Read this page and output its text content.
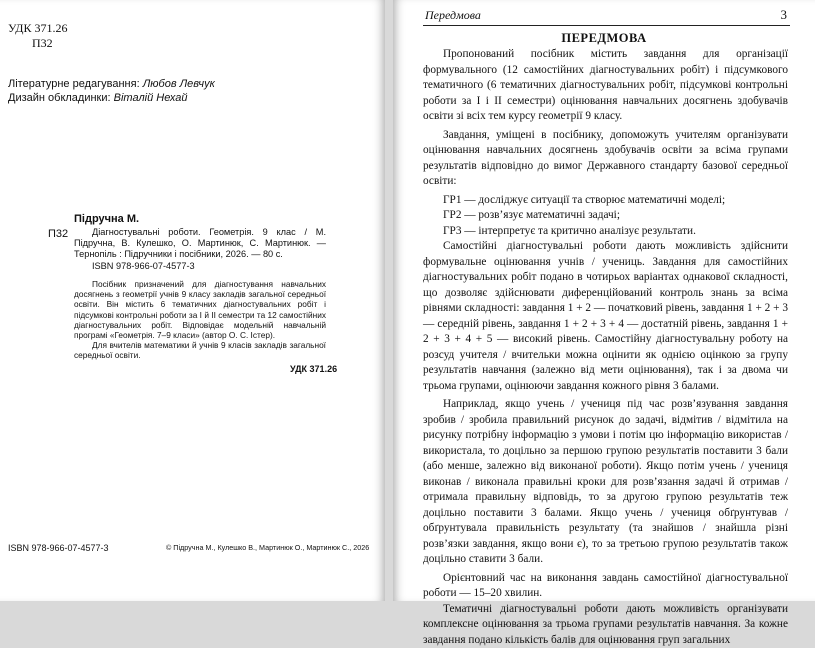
УДК 371.26
П32
Літературне редагування: Любов Левчук
Дизайн обкладинки: Віталій Нехай
Підручна М.
П32	Діагностувальні роботи. Геометрія. 9 клас / М. Підручна, В. Кулешко, О. Мартинюк, С. Мартинюк. — Тернопіль : Підручники і посібники, 2026. — 80 с.

ISBN 978-966-07-4577-3

Посібник призначений для діагностування навчальних досягнень з геометрії учнів 9 класу закладів загальної середньої освіти. Він містить 6 тематичних діагностувальних робіт і підсумкові контрольні роботи за І й ІІ семестри та 12 самостійних діагностувальних робіт. Відповідає модельній навчальній програмі «Геометрія. 7–9 класи» (автор О. С. Істер).

Для вчителів математики й учнів 9 класів закладів загальної середньої освіти.

УДК 371.26
ISBN 978-966-07-4577-3	© Підручна М., Кулешко В., Мартинюк О., Мартинюк С., 2026
Передмова	3
ПЕРЕДМОВА

Пропонований посібник містить завдання для організації формувального (12 самостійних діагностувальних робіт) і підсумкового тематичного (6 тематичних діагностувальних робіт, підсумкові контрольні роботи за І і ІІ семестри) оцінювання навчальних досягнень здобувачів освіти зі всіх тем курсу геометрії 9 класу.

Завдання, уміщені в посібнику, допоможуть учителям організувати оцінювання навчальних досягнень здобувачів освіти за всіма групами результатів відповідно до вимог Державного стандарту базової середньої освіти:

ГР1 — досліджує ситуації та створює математичні моделі;

ГР2 — розв’язує математичні задачі;

ГР3 — інтерпретує та критично аналізує результати.

Самостійні діагностувальні роботи дають можливість здійснити формувальне оцінювання учнів / учениць. Завдання для самостійних діагностувальних робіт подано в чотирьох варіантах однакової складності, що дозволяє здійснювати диференційований контроль знань за всіма рівнями складності: завдання 1 + 2 — початковий рівень, завдання 1 + 2 + 3 — середній рівень, завдання 1 + 2 + 3 + 4 — достатній рівень, завдання 1 + 2 + 3 + 4 + 5 — високий рівень. Самостійну діагностувальну роботу на розсуд учителя / вчительки можна оцінити як однією оцінкою за групу результатів навчання (залежно від мети оцінювання), так і за двома чи трьома групами, оцінюючи завдання кожного рівня 3 балами.

Наприклад, якщо учень / учениця під час розв’язування завдання зробив / зробила правильний рисунок до задачі, відмітив / відмітила на рисунку потрібну інформацію з умови і потім цю інформацію використав / використала, то доцільно за першою групою результатів поставити 3 бали (або менше, залежно від виконаної роботи). Якщо потім учень / учениця виконав / виконала правильні кроки для розв’язання задачі й отримав / отримала правильну відповідь, то за другою групою результатів теж доцільно поставити 3 балами. Якщо учень / учениця обґрунтував / обґрунтувала правильність результату (та знайшов / знайшла різні розв’язки завдання, якщо вони є), то за третьою групою результатів також доцільно ставити 3 бали.

Орієнтовний час на виконання завдань самостійної діагностувальної роботи — 15–20 хвилин.

Тематичні діагностувальні роботи дають можливість організувати комплексне оцінювання за трьома групами результатів навчання. За кожне завдання подано кількість балів для оцінювання груп загальних
